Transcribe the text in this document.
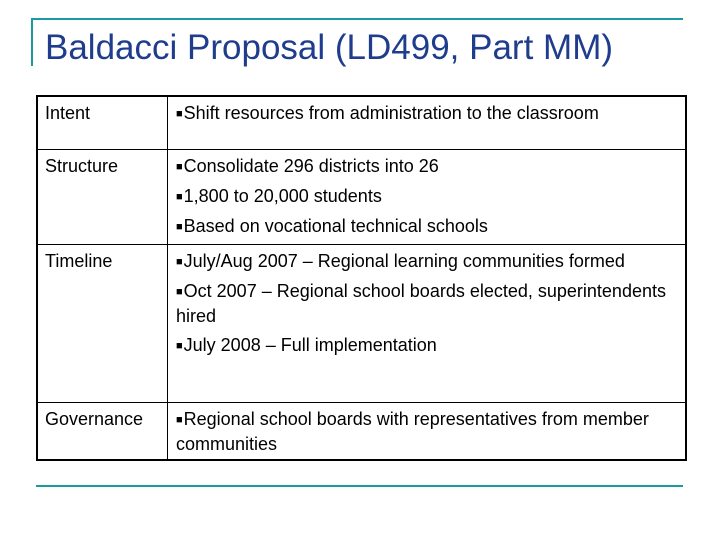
Baldacci Proposal (LD499, Part MM)
Intent	■Shift resources from administration to the classroom

Structure	■Consolidate 296 districts into 26
■1,800 to 20,000 students
■Based on vocational technical schools

Timeline	■July/Aug 2007 – Regional learning communities formed
■Oct 2007 – Regional school boards elected, superintendents hired
■July 2008 – Full implementation

Governance	■Regional school boards with representatives from member communities
